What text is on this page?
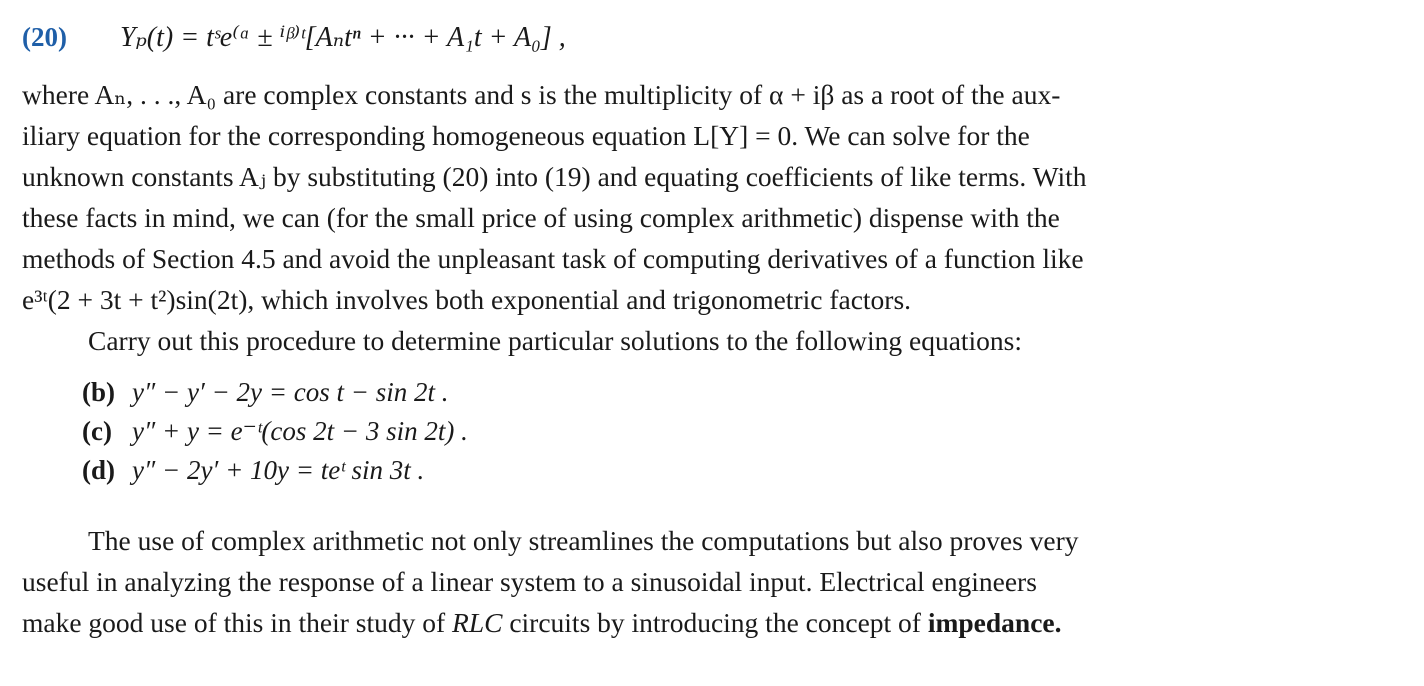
(20) Yₚ(t) = tˢe⁽ᵅ ± ⁱᵝ⁾ᵗ[Aₙtⁿ + ··· + A₁t + A₀] ,
where Aₙ, . . ., A₀ are complex constants and s is the multiplicity of α + iβ as a root of the aux-
iliary equation for the corresponding homogeneous equation L[Y] = 0. We can solve for the
unknown constants Aⱼ by substituting (20) into (19) and equating coefficients of like terms. With
these facts in mind, we can (for the small price of using complex arithmetic) dispense with the
methods of Section 4.5 and avoid the unpleasant task of computing derivatives of a function like
e³ᵗ(2 + 3t + t²)sin(2t), which involves both exponential and trigonometric factors.
Carry out this procedure to determine particular solutions to the following equations:
(b) y″ − y′ − 2y = cos t − sin 2t .
(c) y″ + y = e⁻ᵗ(cos 2t − 3 sin 2t) .
(d) y″ − 2y′ + 10y = teᵗ sin 3t .
The use of complex arithmetic not only streamlines the computations but also proves very
useful in analyzing the response of a linear system to a sinusoidal input. Electrical engineers
make good use of this in their study of RLC circuits by introducing the concept of impedance.
